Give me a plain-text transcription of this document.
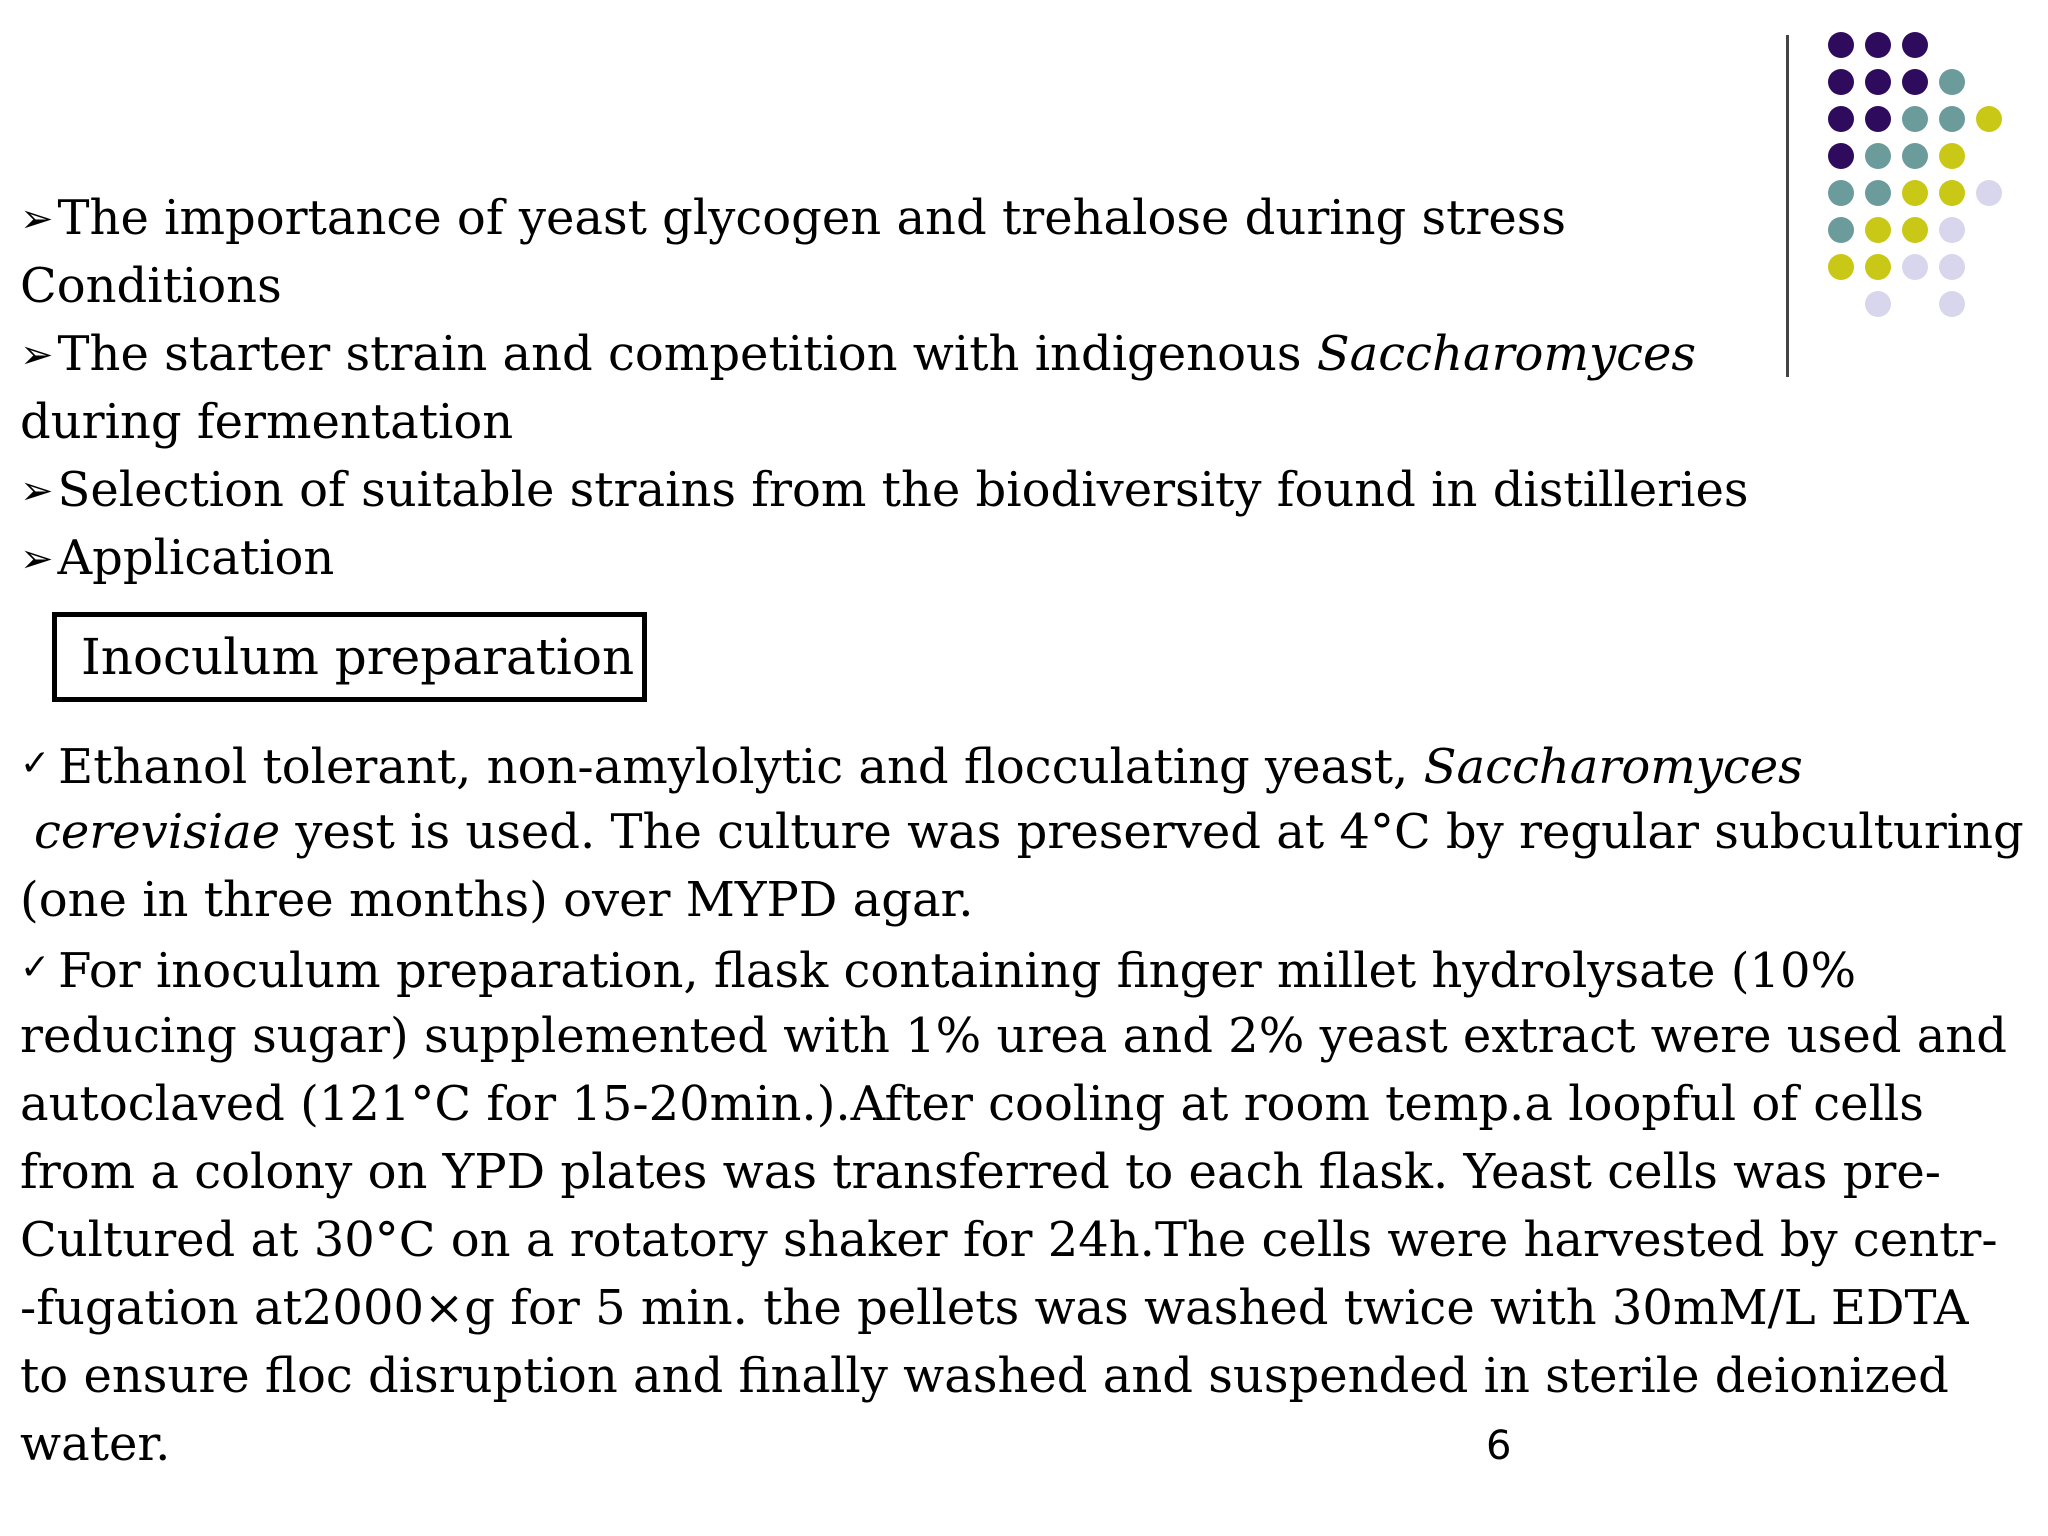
➢The importance of yeast glycogen and trehalose during stress
Conditions
➢The starter strain and competition with indigenous Saccharomyces
during fermentation
➢Selection of suitable strains from the biodiversity found in distilleries
➢Application
Inoculum preparation
✓ Ethanol tolerant, non-amylolytic and flocculating yeast, Saccharomyces
cerevisiae yest is used. The culture was preserved at 4°C by regular subculturing
(one in three months) over MYPD agar.
✓ For inoculum preparation, flask containing finger millet hydrolysate (10%
reducing sugar) supplemented with 1% urea and 2% yeast extract were used and
autoclaved (121°C for 15-20min.).After cooling at room temp.a loopful of cells
from a colony on YPD plates was transferred to each flask. Yeast cells was pre-
Cultured at 30°C on a rotatory shaker for 24h.The cells were harvested by centr-
-fugation at2000×g for 5 min. the pellets was washed twice with 30mM/L EDTA
to ensure floc disruption and finally washed and suspended in sterile deionized
water.	6
